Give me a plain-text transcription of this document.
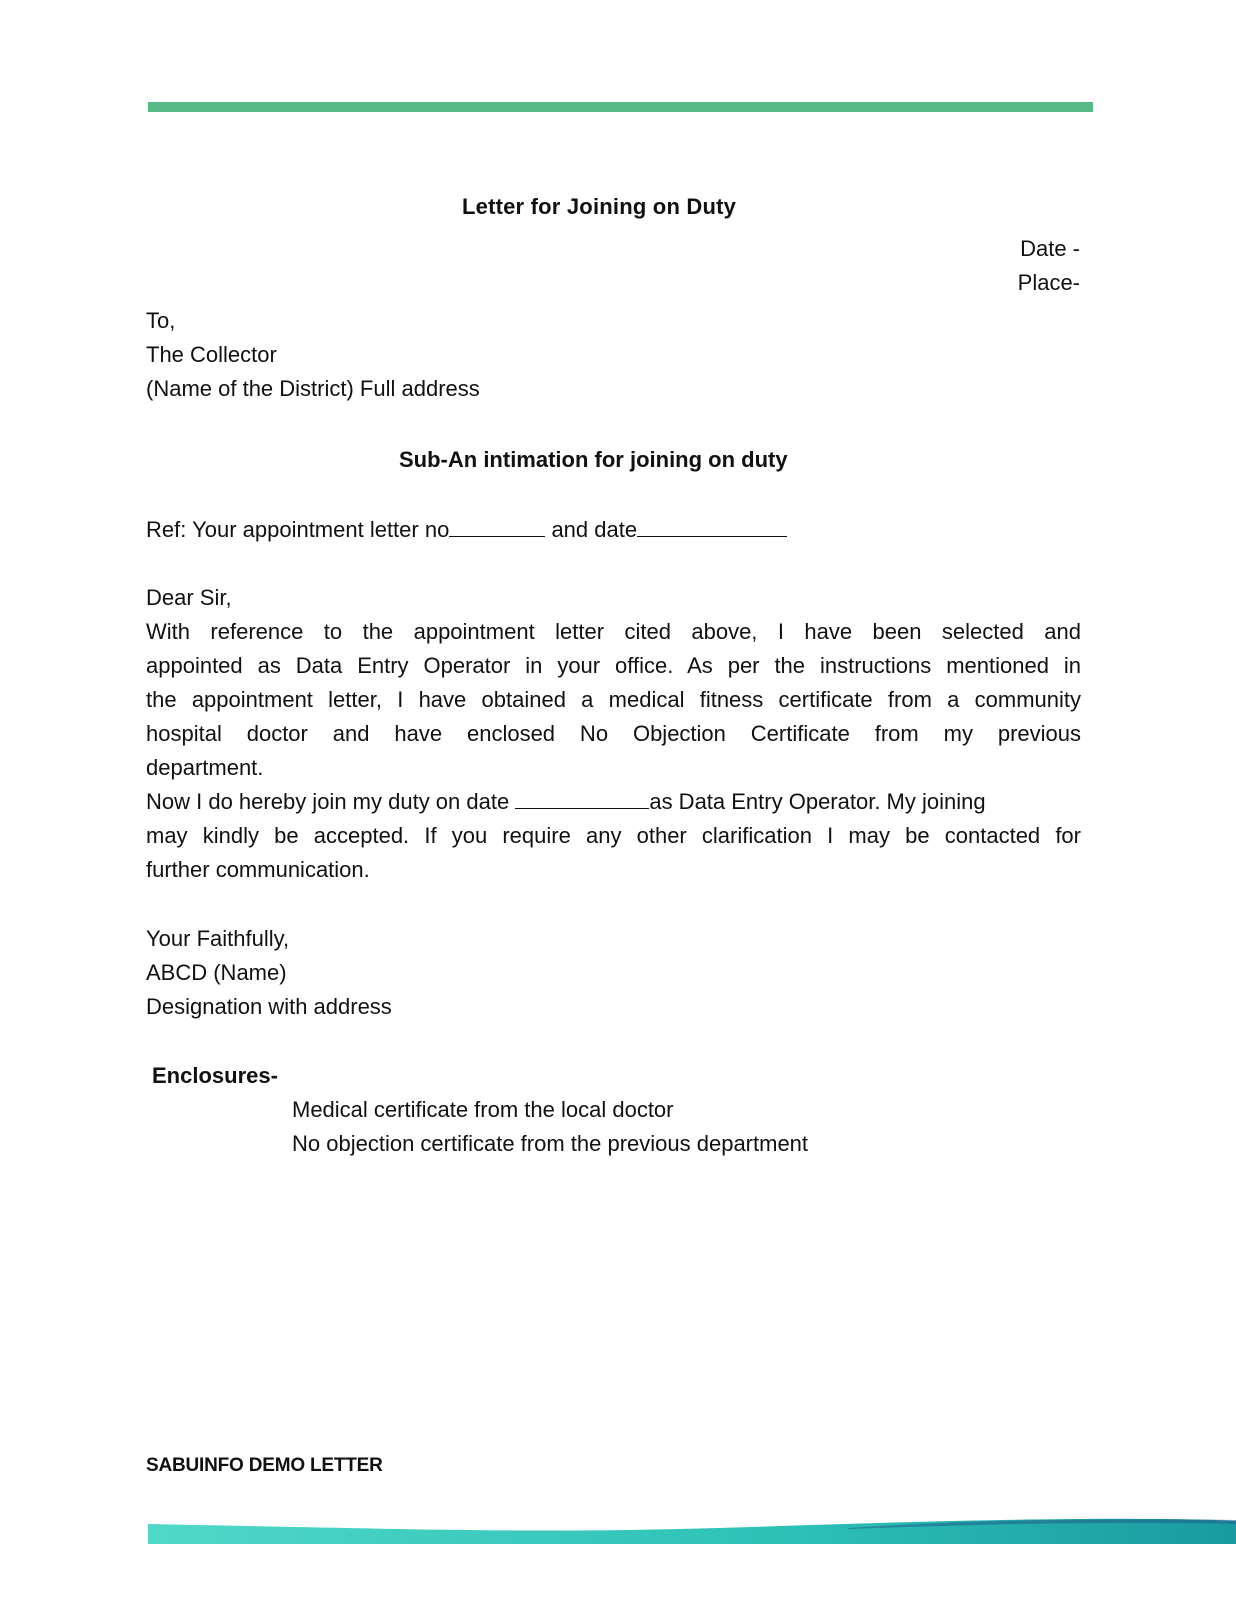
Letter for Joining on Duty
Date -
Place-
To,
The Collector
(Name of the District) Full address
Sub-An intimation for joining on duty
Ref: Your appointment letter no	and date
Dear Sir,
With reference to the appointment letter cited above, I have been selected and
appointed as Data Entry Operator in your office. As per the instructions mentioned in
the appointment letter, I have obtained a medical fitness certificate from a community
hospital doctor and have enclosed No Objection Certificate from my previous
department.
Now I do hereby join my duty on date	as Data Entry Operator. My joining
may kindly be accepted. If you require any other clarification I may be contacted for
further communication.
Your Faithfully,
ABCD (Name)
Designation with address
Enclosures-
Medical certificate from the local doctor
No objection certificate from the previous department
SABUINFO DEMO LETTER
